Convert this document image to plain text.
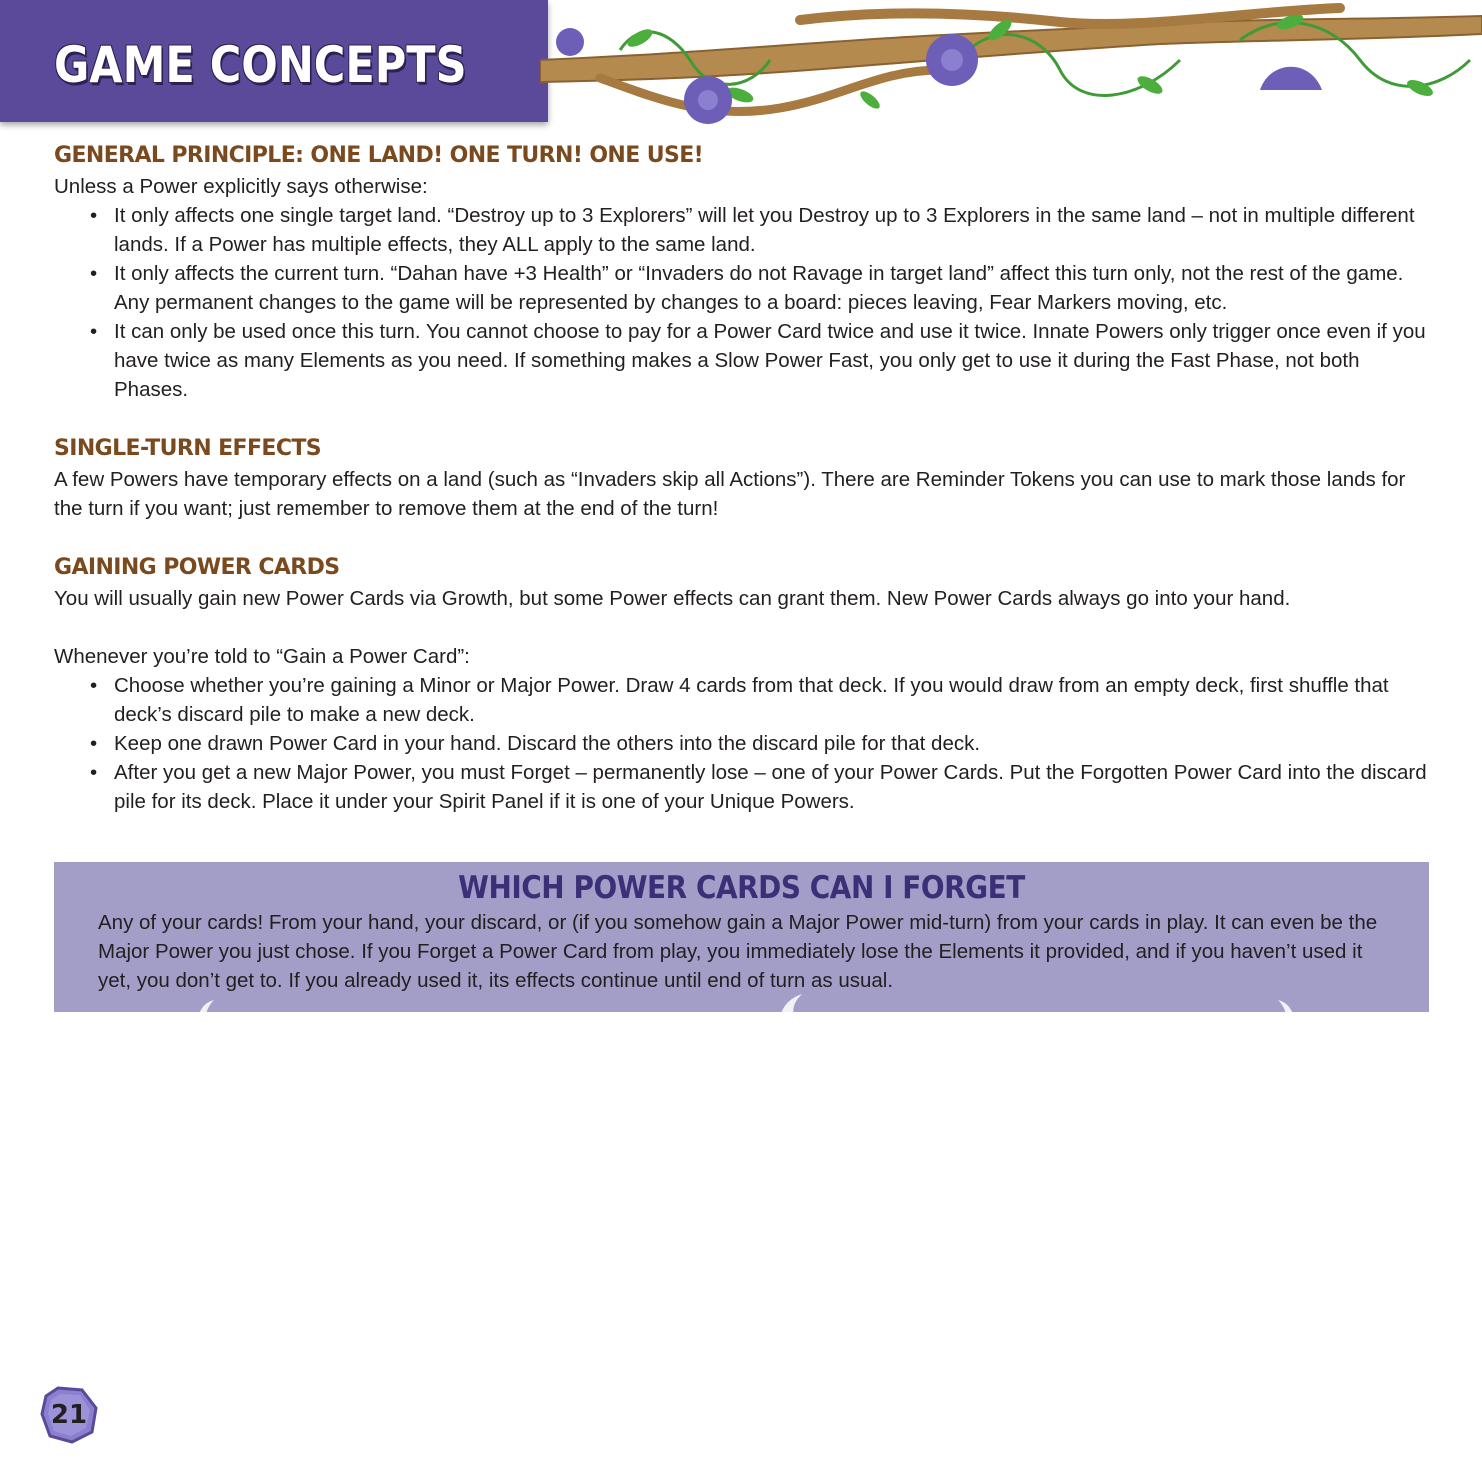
GAME CONCEPTS
GENERAL PRINCIPLE: ONE LAND! ONE TURN! ONE USE!

Unless a Power explicitly says otherwise:

• It only affects one single target land. “Destroy up to 3 Explorers” will let you Destroy up to 3 Explorers in the same land – not in multiple different lands. If a Power has multiple effects, they ALL apply to the same land.
• It only affects the current turn. “Dahan have +3 Health” or “Invaders do not Ravage in target land” affect this turn only, not the rest of the game. Any permanent changes to the game will be represented by changes to a board: pieces leaving, Fear Markers moving, etc.
• It can only be used once this turn. You cannot choose to pay for a Power Card twice and use it twice. Innate Powers only trigger once even if you have twice as many Elements as you need. If something makes a Slow Power Fast, you only get to use it during the Fast Phase, not both Phases.
SINGLE-TURN EFFECTS

A few Powers have temporary effects on a land (such as “Invaders skip all Actions”). There are Reminder Tokens you can use to mark those lands for the turn if you want; just remember to remove them at the end of the turn!

GAINING POWER CARDS

You will usually gain new Power Cards via Growth, but some Power effects can grant them. New Power Cards always go into your hand.

Whenever you’re told to “Gain a Power Card”:

• Choose whether you’re gaining a Minor or Major Power. Draw 4 cards from that deck. If you would draw from an empty deck, first shuffle that deck’s discard pile to make a new deck.
• Keep one drawn Power Card in your hand. Discard the others into the discard pile for that deck.
• After you get a new Major Power, you must Forget – permanently lose – one of your Power Cards. Put the Forgotten Power Card into the discard pile for its deck. Place it under your Spirit Panel if it is one of your Unique Powers.
WHICH POWER CARDS CAN I FORGET

Any of your cards! From your hand, your discard, or (if you somehow gain a Major Power mid-turn) from your cards in play. It can even be the Major Power you just chose. If you Forget a Power Card from play, you immediately lose the Elements it provided, and if you haven’t used it yet, you don’t get to. If you already used it, its effects continue until end of turn as usual.

21
